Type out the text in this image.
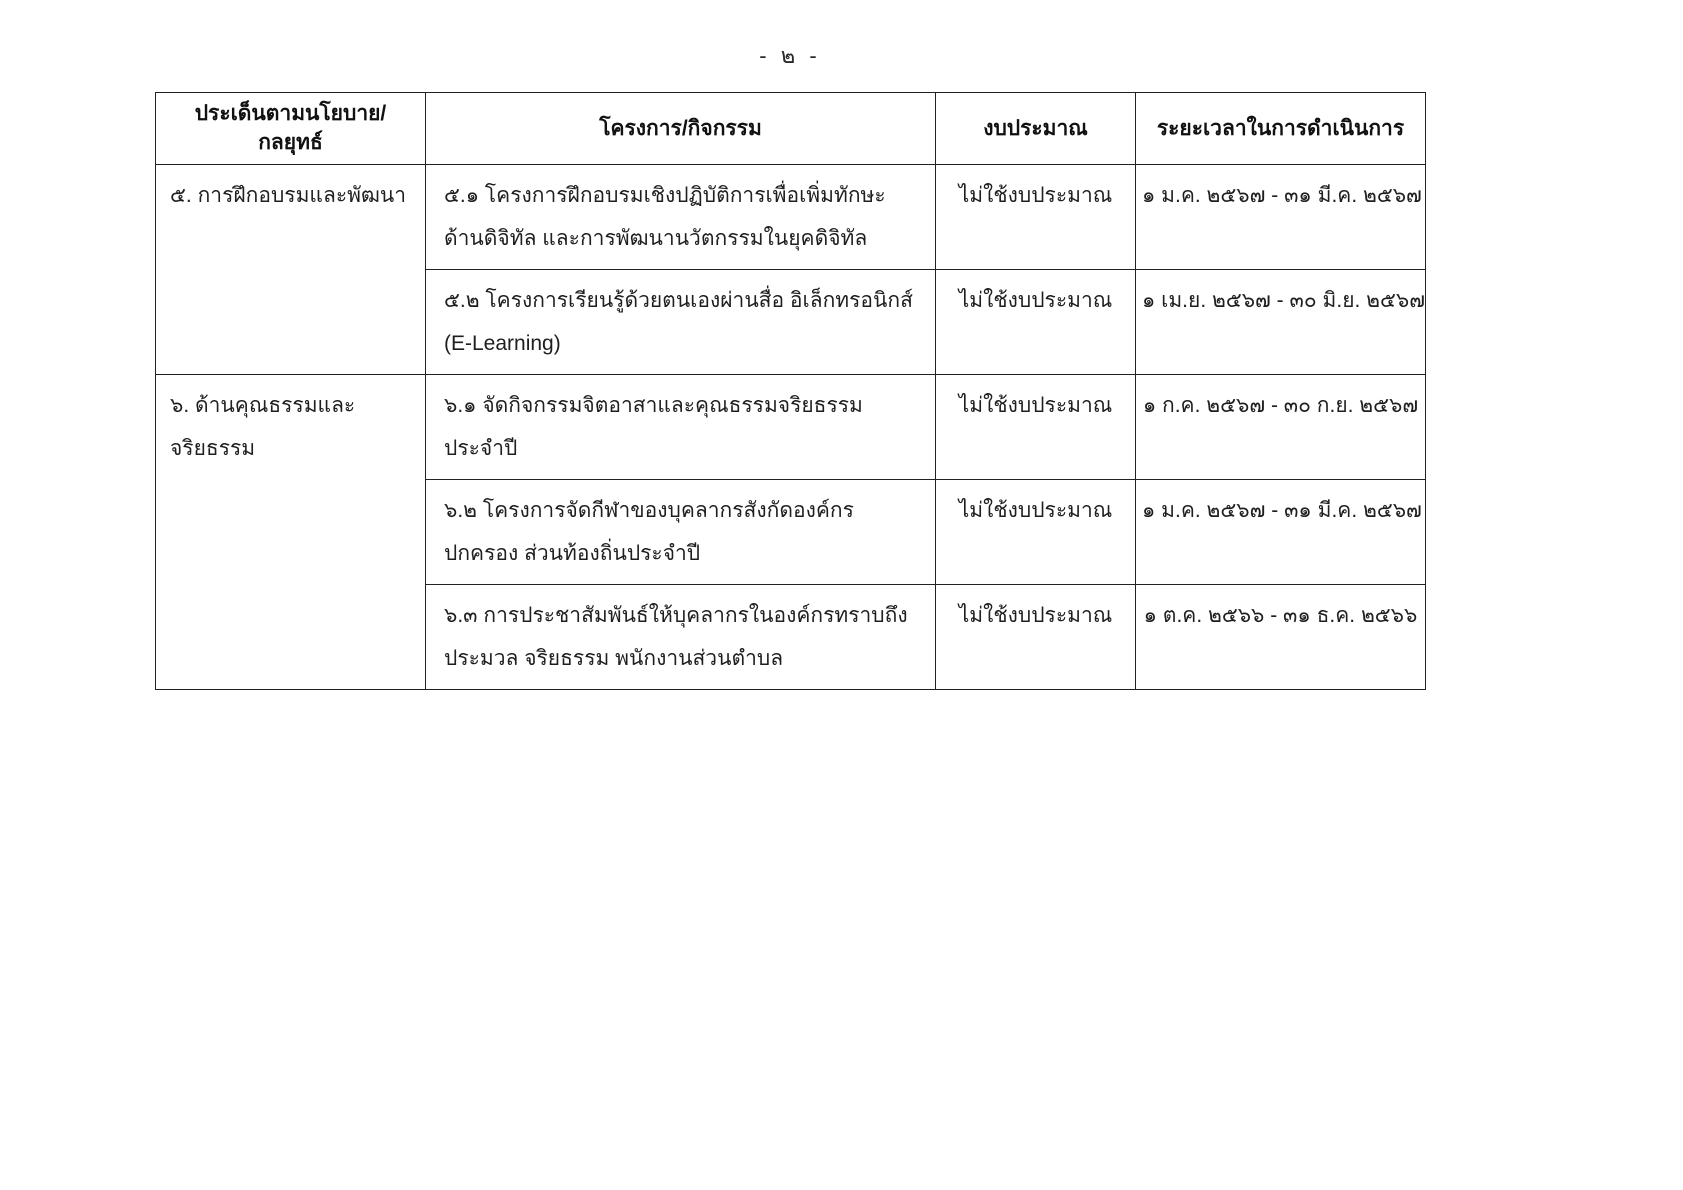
- ๒ -
ประเด็นตามนโยบาย/กลยุทธ์	โครงการ/กิจกรรม	งบประมาณ	ระยะเวลาในการดำเนินการ
๕. การฝึกอบรมและพัฒนา	๕.๑ โครงการฝึกอบรมเชิงปฏิบัติการเพื่อเพิ่มทักษะ ด้านดิจิทัล และการพัฒนานวัตกรรมในยุคดิจิทัล	ไม่ใช้งบประมาณ	๑ ม.ค. ๒๕๖๗ - ๓๑ มี.ค. ๒๕๖๗
	๕.๒ โครงการเรียนรู้ด้วยตนเองผ่านสื่อ อิเล็กทรอนิกส์ (E-Learning)	ไม่ใช้งบประมาณ	๑ เม.ย. ๒๕๖๗ - ๓๐ มิ.ย. ๒๕๖๗
๖. ด้านคุณธรรมและจริยธรรม	๖.๑ จัดกิจกรรมจิตอาสาและคุณธรรมจริยธรรมประจำปี	ไม่ใช้งบประมาณ	๑ ก.ค. ๒๕๖๗ - ๓๐ ก.ย. ๒๕๖๗
	๖.๒ โครงการจัดกีฬาของบุคลากรสังกัดองค์กรปกครอง ส่วนท้องถิ่นประจำปี	ไม่ใช้งบประมาณ	๑ ม.ค. ๒๕๖๗ - ๓๑ มี.ค. ๒๕๖๗
	๖.๓ การประชาสัมพันธ์ให้บุคลากรในองค์กรทราบถึงประมวล จริยธรรม พนักงานส่วนตำบล	ไม่ใช้งบประมาณ	๑ ต.ค. ๒๕๖๖ - ๓๑ ธ.ค. ๒๕๖๖
